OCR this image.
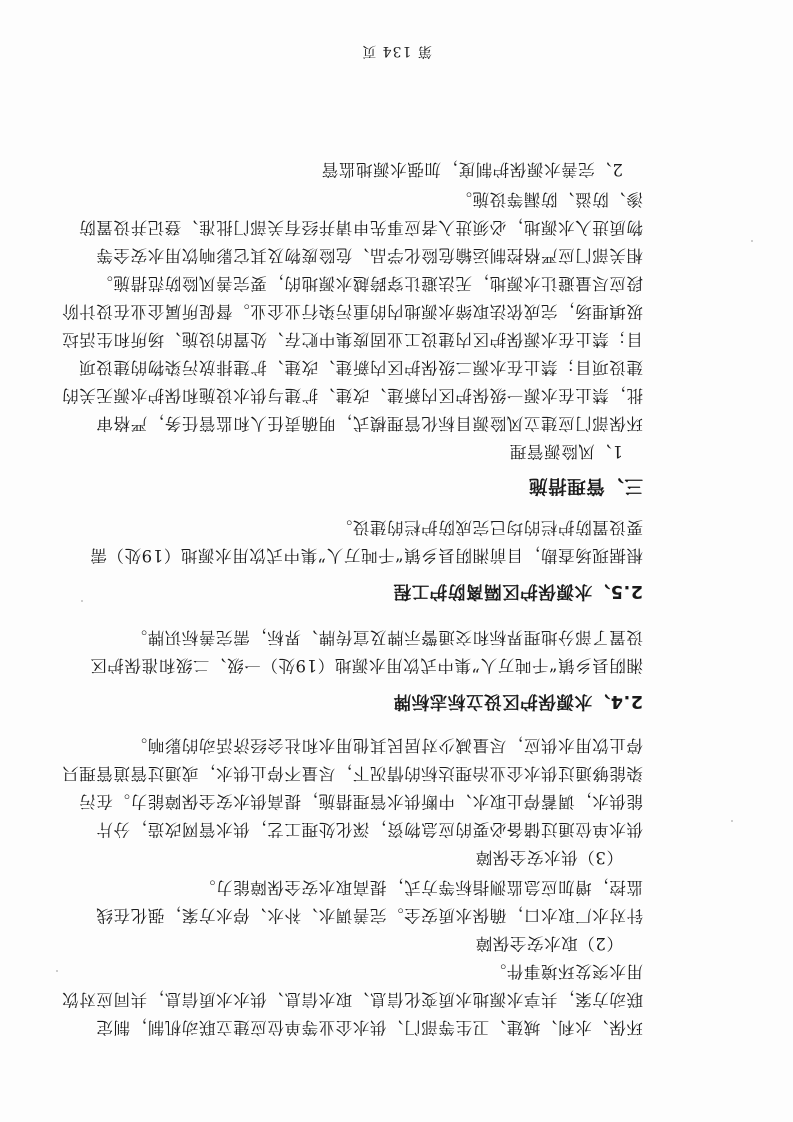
环保、水利、城建、卫生等部门、供水企业等单位应建立联动机制，制定
联动方案，共享水源地水质变化信息、取水信息、供水水质信息，共同应对饮
用水突发环境事件。
（2）取水安全保障
针对水厂取水口，确保水质安全。完善调水、补水、停水方案，强化在线
监控，增加应急监测指标等方式，提高取水安全保障能力。
（3）供水安全保障
供水单位通过储备必要的应急物资，深化处理工艺，供水管网改造，分片
能供水，调蓄停止取水、中断供水管理措施，提高供水安全保障能力。在污
染能够通过供水企业治理达标的情况下，尽量不停止供水，或通过管道管理只
停止饮用水供应，尽量减少对居民其他用水和社会经济活动的影响。
2.4、水源保护区设立标志标牌
湘阴县乡镇“千吨万人”集中式饮用水源地（19处）一级、二级和准保护区
设置了部分地理界标和交通警示牌及宣传牌、界标，需完善标识牌。
2.5、水源保护区隔离防护工程
根据现场查勘，目前湘阴县乡镇“千吨万人”集中式饮用水源地（19处）需
要设置防护栏的均已完成防护栏的建设。
三、管理措施
1、风险源管理
环保部门应建立风险源目标化管理模式，明确责任人和监管任务，严格审
批，禁止在水源一级保护区内新建、改建、扩建与供水设施和保护水源无关的
建设项目；禁止在水源二级保护区内新建、改建、扩建排放污染物的建设项
目；禁止在水源保护区内建设工业固废集中贮存、处置的设施、场所和生活垃
圾填埋场，完成依法取缔水源地内的重污染行业企业。督促所属企业在设计阶
段应尽量避让水源地，无法避让穿跨越水源地的，要完善风险防范措施。
相关部门应严格控制运输危险化学品、危险废物及其它影响饮用水安全等
物质进入水源地，必须进入者应事先申请并经有关部门批准、登记并设置防
渗、防溢、防漏等设施。
2、完善水源保护制度，加强水源地监管
第 134 页
